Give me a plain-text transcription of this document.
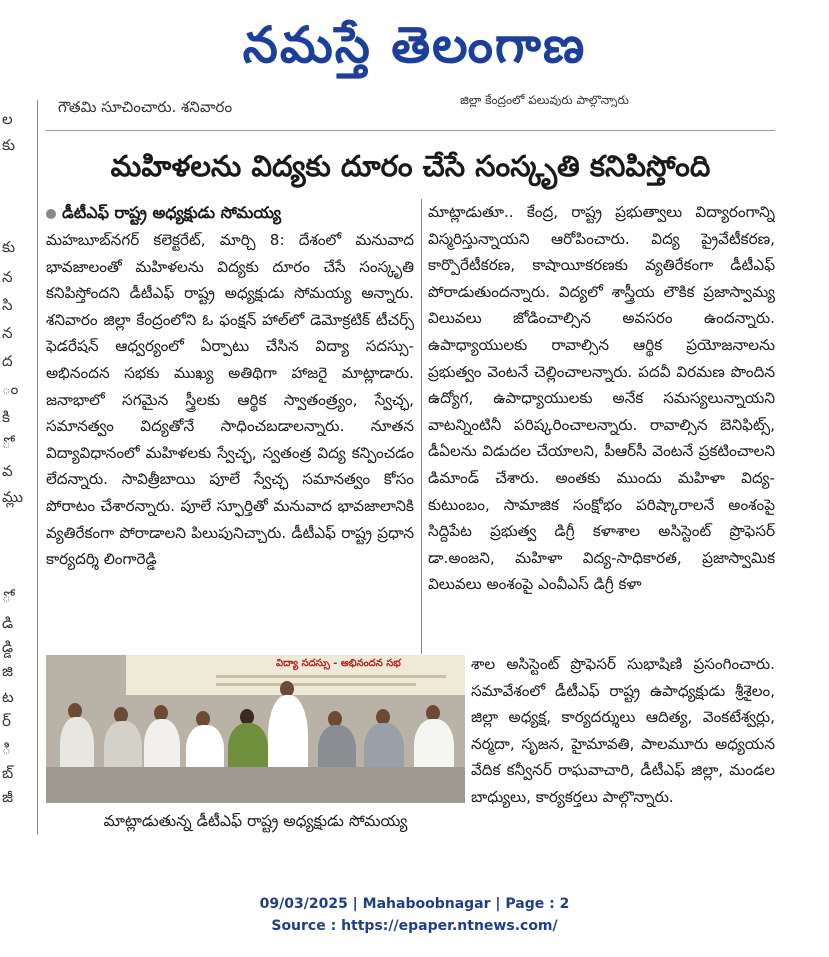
నమస్తే తెలంగాణ
ల
కు
కు
న
సి
న
ద
ం
కి
ో
వ
మ్లు
ో
డి
డ్డి
జి
ట
ర్
ి
బ్
జీ
గౌతమి సూచించారు. శనివారం	జిల్లా కేంద్రంలో పలువురు పాల్గొన్నారు
మహిళలను విద్యకు దూరం చేసే సంస్కృతి కనిపిస్తోంది
డీటీఎఫ్ రాష్ట్ర అధ్యక్షుడు సోమయ్య

మహబూబ్‌నగర్ కలెక్టరేట్, మార్చి 8: దేశంలో మనువాద భావజాలంతో మహిళలను విద్యకు దూరం చేసే సంస్కృతి కనిపిస్తోందని డీటీఎఫ్ రాష్ట్ర అధ్యక్షుడు సోమయ్య అన్నారు. శనివారం జిల్లా కేంద్రంలోని ఓ ఫంక్షన్ హాల్‌లో డెమోక్రటిక్ టీచర్స్ ఫెడరేషన్ ఆధ్వర్యంలో ఏర్పాటు చేసిన విద్యా సదస్సు-అభినందన సభకు ముఖ్య అతిథిగా హాజరై మాట్లాడారు. జనాభాలో సగమైన స్త్రీలకు ఆర్థిక స్వాతంత్ర్యం, స్వేచ్ఛ, సమానత్వం విద్యతోనే సాధించబడాలన్నారు. నూతన విద్యావిధానంలో మహిళలకు స్వేచ్ఛ, స్వతంత్ర విద్య కన్పించడం లేదన్నారు. సావిత్రీబాయి పూలే స్వేచ్ఛ సమానత్వం కోసం పోరాటం చేశారన్నారు. పూలే స్ఫూర్తితో మనువాద భావజాలానికి వ్యతిరేకంగా పోరాడాలని పిలుపునిచ్చారు. డీటీఎఫ్ రాష్ట్ర ప్రధాన కార్యదర్శి లింగారెడ్డి

మాట్లాడుతూ.. కేంద్ర, రాష్ట్ర ప్రభుత్వాలు విద్యారంగాన్ని విస్మరిస్తున్నాయని ఆరోపించారు. విద్య ప్రైవేటీకరణ, కార్పొరేటీకరణ, కాషాయీకరణకు వ్యతిరేకంగా డీటీఎఫ్ పోరాడుతుందన్నారు. విద్యలో శాస్త్రీయ లౌకిక ప్రజాస్వామ్య విలువలు జోడించాల్సిన అవసరం ఉందన్నారు. ఉపాధ్యాయులకు రావాల్సిన ఆర్థిక ప్రయోజనాలను ప్రభుత్వం వెంటనే చెల్లించాలన్నారు. పదవీ విరమణ పొందిన ఉద్యోగ, ఉపాధ్యాయులకు అనేక సమస్యలున్నాయని వాటన్నింటినీ పరిష్కరించాలన్నారు. రావాల్సిన బెనిఫిట్స్, డీఏలను విడుదల చేయాలని, పీఆర్‌సీ వెంటనే ప్రకటించాలని డిమాండ్ చేశారు. అంతకు ముందు మహిళా విద్య-కుటుంబం, సామాజిక సంక్షోభం పరిష్కారాలనే అంశంపై సిద్దిపేట ప్రభుత్వ డిగ్రీ కళాశాల అసిస్టెంట్ ప్రొఫెసర్ డా.అంజని, మహిళా విద్య-సాధికారత, ప్రజాస్వామిక విలువలు అంశంపై ఎంవీఎస్ డిగ్రీ కళా

విద్యా సదస్సు - అభినందన సభ
మాట్లాడుతున్న డీటీఎఫ్ రాష్ట్ర అధ్యక్షుడు సోమయ్య

శాల అసిస్టెంట్ ప్రొఫెసర్ సుభాషిణి ప్రసంగించారు. సమావేశంలో డీటీఎఫ్ రాష్ట్ర ఉపాధ్యక్షుడు శ్రీశైలం, జిల్లా అధ్యక్ష, కార్యదర్శులు ఆదిత్య, వెంకటేశ్వర్లు, నర్మదా, సృజన, హైమావతి, పాలమూరు అధ్యయన వేదిక కన్వీనర్ రాఘవాచారి, డీటీఎఫ్ జిల్లా, మండల బాధ్యులు, కార్యకర్తలు పాల్గొన్నారు.

09/03/2025 | Mahaboobnagar | Page : 2
Source : https://epaper.ntnews.com/
